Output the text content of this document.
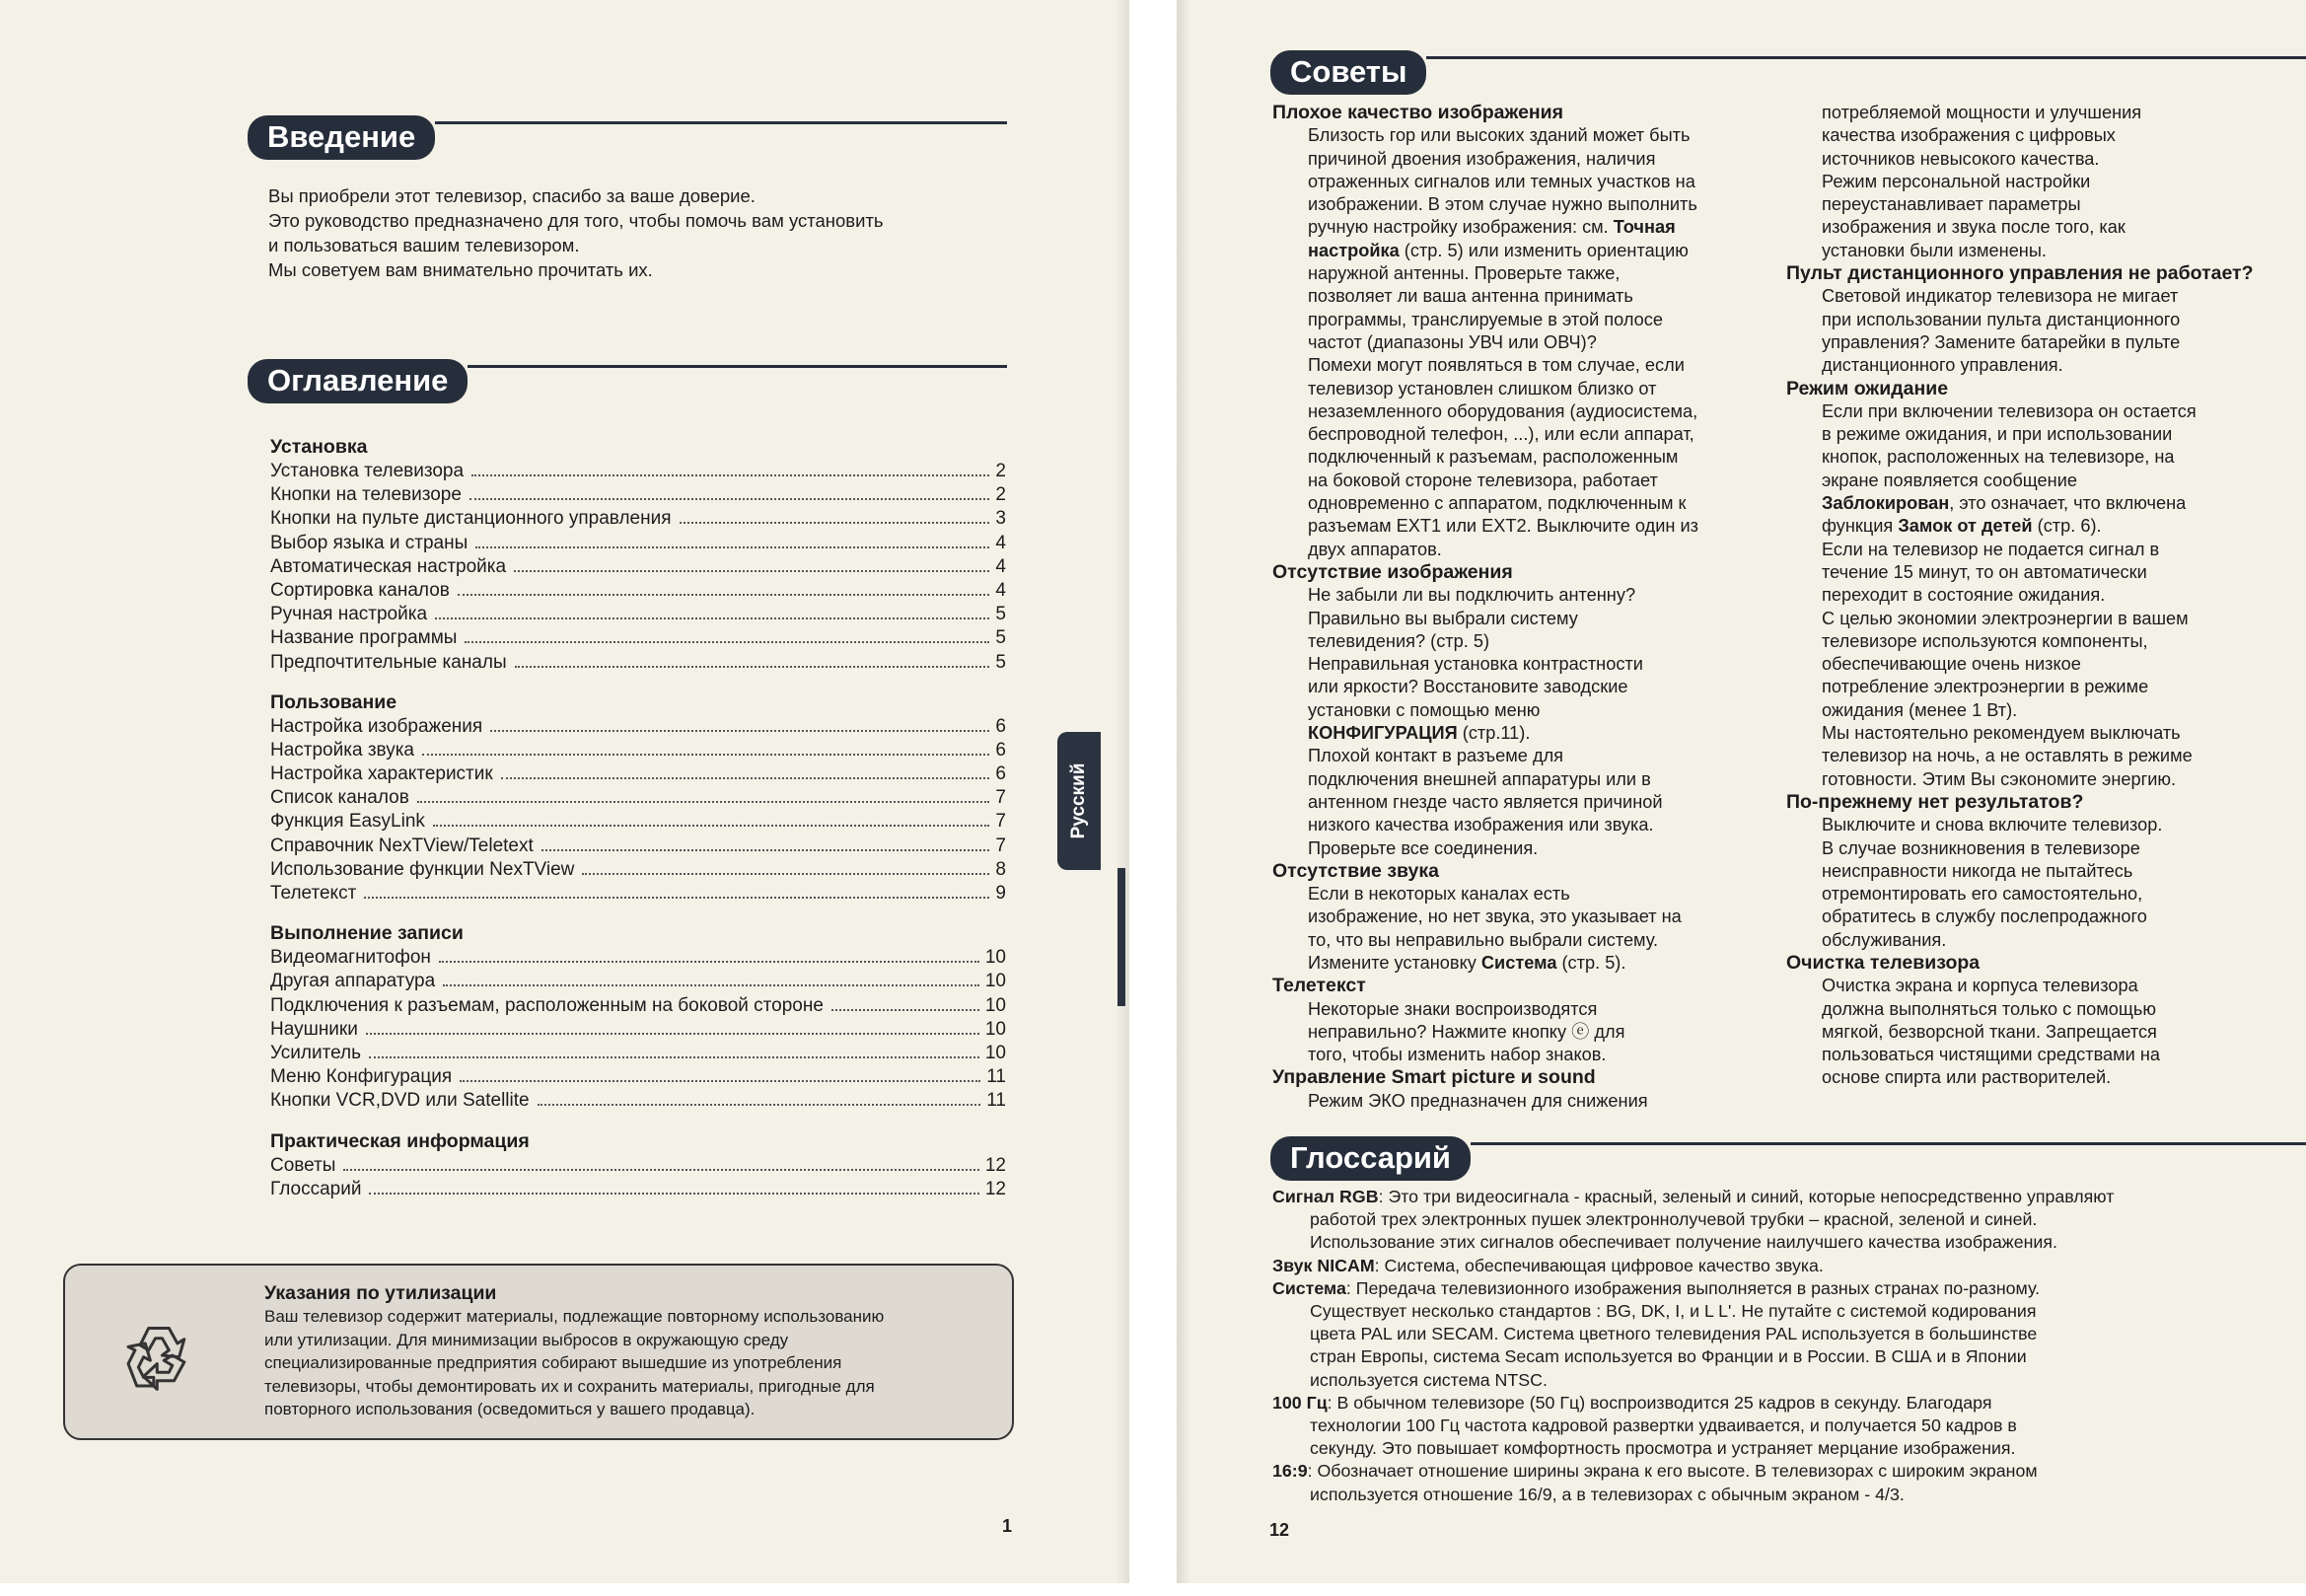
Введение

Вы приобрели этот телевизор, спасибо за ваше доверие.

Это руководство предназначено для того, чтобы помочь вам установить

и пользоваться вашим телевизором.

Мы советуем вам внимательно прочитать их.

Оглавление
Установка
Установка телевизора	2
Кнопки на телевизоре	2
Кнопки на пульте дистанционного управления	3
Выбор языка и страны	4
Автоматическая настройка	4
Сортировка каналов	4
Ручная настройка	5
Название программы	5
Предпочтительные каналы	5
Пользование
Настройка изображения	6
Настройка звука	6
Настройка характеристик	6
Список каналов	7
Функция EasyLink	7
Справочник NexTView/Teletext	7
Использование функции NexTView	8
Телетекст	9
Выполнение записи
Видеомагнитофон	10
Другая аппаратура	10
Подключения к разъемам, расположенным на боковой стороне	10
Наушники	10
Усилитель	10
Меню Конфигурация	11
Кнопки VCR,DVD или Satellite	11
Практическая информация
Советы	12
Глоссарий	12
Указания по утилизации

Ваш телевизор содержит материалы, подлежащие повторному использованию

или утилизации. Для минимизации выбросов в окружающую среду

специализированные предприятия собирают вышедшие из употребления

телевизоры, чтобы демонтировать их и сохранить материалы, пригодные для

повторного использования (осведомиться у вашего продавца).

Русский
1
Советы
Плохое качество изображения
Близость гор или высоких зданий может быть
причиной двоения изображения, наличия
отраженных сигналов или темных участков на
изображении. В этом случае нужно выполнить
ручную настройку изображения: см. Точная
настройка (стр. 5) или изменить ориентацию
наружной антенны. Проверьте также,
позволяет ли ваша антенна принимать
программы, транслируемые в этой полосе
частот (диапазоны УВЧ или ОВЧ)?
Помехи могут появляться в том случае, если
телевизор установлен слишком близко от
незаземленного оборудования (аудиосистема,
беспроводной телефон, ...), или если аппарат,
подключенный к разъемам, расположенным
на боковой стороне телевизора, работает
одновременно с аппаратом, подключенным к
разъемам EXT1 или EXT2. Выключите один из
двух аппаратов.
Отсутствие изображения
Не забыли ли вы подключить антенну?
Правильно вы выбрали систему
телевидения? (стр. 5)
Неправильная установка контрастности
или яркости? Восстановите заводские
установки с помощью меню
КОНФИГУРАЦИЯ (стр.11).
Плохой контакт в разъеме для
подключения внешней аппаратуры или в
антенном гнезде часто является причиной
низкого качества изображения или звука.
Проверьте все соединения.
Отсутствие звука
Если в некоторых каналах есть
изображение, но нет звука, это указывает на
то, что вы неправильно выбрали систему.
Измените установку Система (стр. 5).
Телетекст
Некоторые знаки воспроизводятся
неправильно? Нажмите кнопку ⓔ для
того, чтобы изменить набор знаков.
Управление Smart picture и sound
Режим ЭКО предназначен для снижения
потребляемой мощности и улучшения
качества изображения с цифровых
источников невысокого качества.
Режим персональной настройки
переустанавливает параметры
изображения и звука после того, как
установки были изменены.
Пульт дистанционного управления не работает?
Световой индикатор телевизора не мигает
при использовании пульта дистанционного
управления? Замените батарейки в пульте
дистанционного управления.
Режим ожидание
Если при включении телевизора он остается
в режиме ожидания, и при использовании
кнопок, расположенных на телевизоре, на
экране появляется сообщение
Заблокирован, это означает, что включена
функция Замок от детей (стр. 6).
Если на телевизор не подается сигнал в
течение 15 минут, то он автоматически
переходит в состояние ожидания.
С целью экономии электроэнергии в вашем
телевизоре используются компоненты,
обеспечивающие очень низкое
потребление электроэнергии в режиме
ожидания (менее 1 Вт).
Мы настоятельно рекомендуем выключать
телевизор на ночь, а не оставлять в режиме
готовности. Этим Вы сэкономите энергию.
По-прежнему нет результатов?
Выключите и снова включите телевизор.
В случае возникновения в телевизоре
неисправности никогда не пытайтесь
отремонтировать его самостоятельно,
обратитесь в службу послепродажного
обслуживания.
Очистка телевизора
Очистка экрана и корпуса телевизора
должна выполняться только с помощью
мягкой, безворсной ткани. Запрещается
пользоваться чистящими средствами на
основе спирта или растворителей.
Глоссарий
12
Сигнал RGB: Это три видеосигнала - красный, зеленый и синий, которые непосредственно управляют
работой трех электронных пушек электроннолучевой трубки – красной, зеленой и синей.
Использование этих сигналов обеспечивает получение наилучшего качества изображения.
Звук NICAM: Система, обеспечивающая цифровое качество звука.
Система: Передача телевизионного изображения выполняется в разных странах по-разному.
Существует несколько стандартов : BG, DK, I, и L L'. Не путайте с системой кодирования
цвета PAL или SECAM. Система цветного телевидения PAL используется в большинстве
стран Европы, система Secam используется во Франции и в России. В США и в Японии
используется система NTSC.
100 Гц: В обычном телевизоре (50 Гц) воспроизводится 25 кадров в секунду. Благодаря
технологии 100 Гц частота кадровой развертки удваивается, и получается 50 кадров в
секунду. Это повышает комфортность просмотра и устраняет мерцание изображения.
16:9: Обозначает отношение ширины экрана к его высоте. В телевизорах с широким экраном
используется отношение 16/9, а в телевизорах с обычным экраном - 4/3.
